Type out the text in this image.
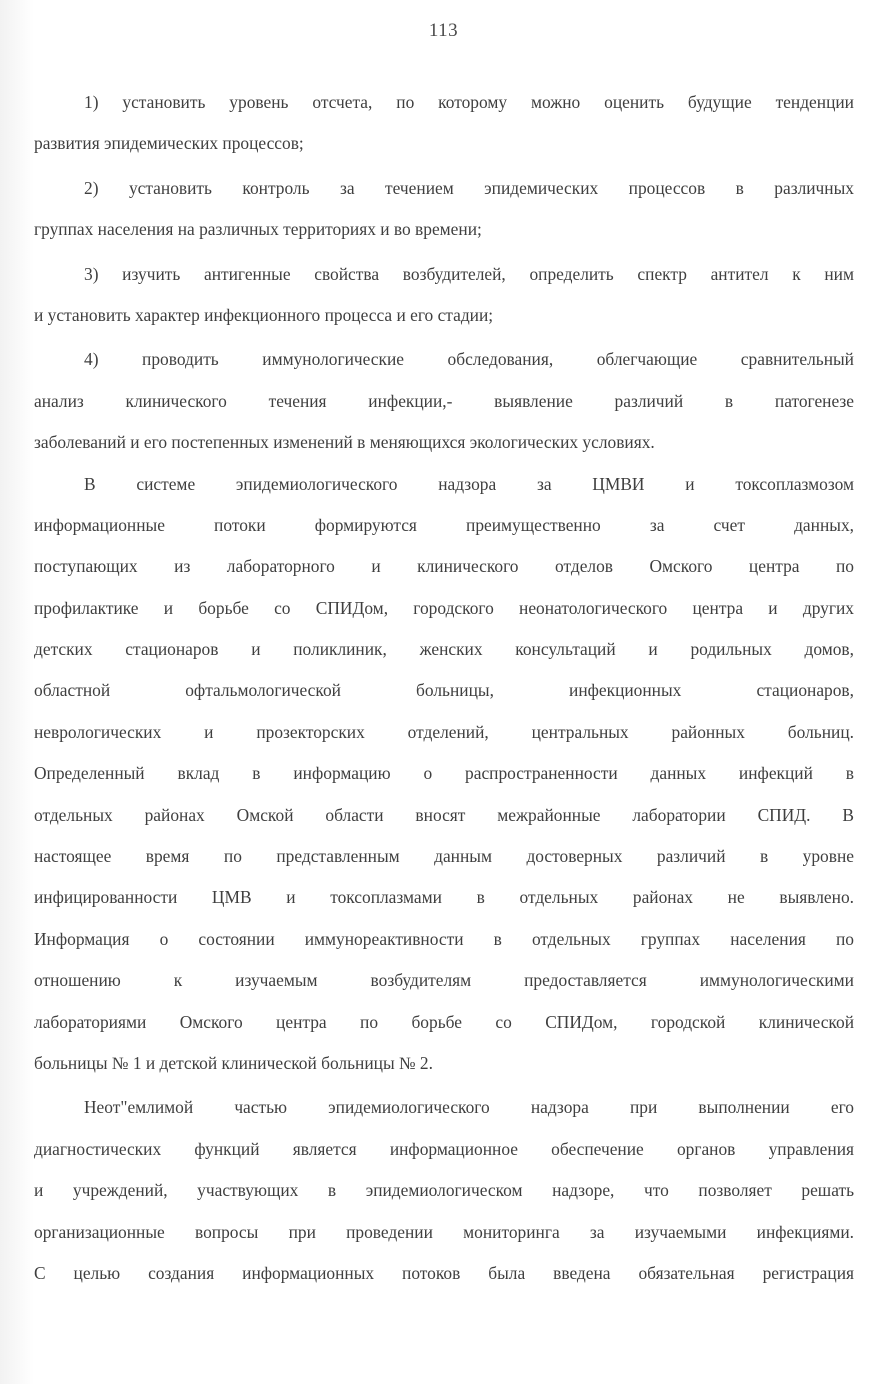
113
1) установить уровень отсчета, по которому можно оценить будущие тенденции
развития эпидемических процессов;
2) установить контроль за течением эпидемических процессов в различных
группах населения на различных территориях и во времени;
3) изучить антигенные свойства возбудителей, определить спектр антител к ним
и установить характер инфекционного процесса и его стадии;
4) проводить иммунологические обследования, облегчающие сравнительный
анализ клинического течения инфекции,- выявление различий в патогенезе
заболеваний и его постепенных изменений в меняющихся экологических условиях.
В системе эпидемиологического надзора за ЦМВИ и токсоплазмозом
информационные потоки формируются преимущественно за счет данных,
поступающих из лабораторного и клинического отделов Омского центра по
профилактике и борьбе со СПИДом, городского неонатологического центра и других
детских стационаров и поликлиник, женских консультаций и родильных домов,
областной офтальмологической больницы, инфекционных стационаров,
неврологических и прозекторских отделений, центральных районных больниц.
Определенный вклад в информацию о распространенности данных инфекций в
отдельных районах Омской области вносят межрайонные лаборатории СПИД. В
настоящее время по представленным данным достоверных различий в уровне
инфицированности ЦМВ и токсоплазмами в отдельных районах не выявлено.
Информация о состоянии иммунореактивности в отдельных группах населения по
отношению к изучаемым возбудителям предоставляется иммунологическими
лабораториями Омского центра по борьбе со СПИДом, городской клинической
больницы № 1 и детской клинической больницы № 2.
Неот"емлимой частью эпидемиологического надзора при выполнении его
диагностических функций является информационное обеспечение органов управления
и учреждений, участвующих в эпидемиологическом надзоре, что позволяет решать
организационные вопросы при проведении мониторинга за изучаемыми инфекциями.
С целью создания информационных потоков была введена обязательная регистрация
